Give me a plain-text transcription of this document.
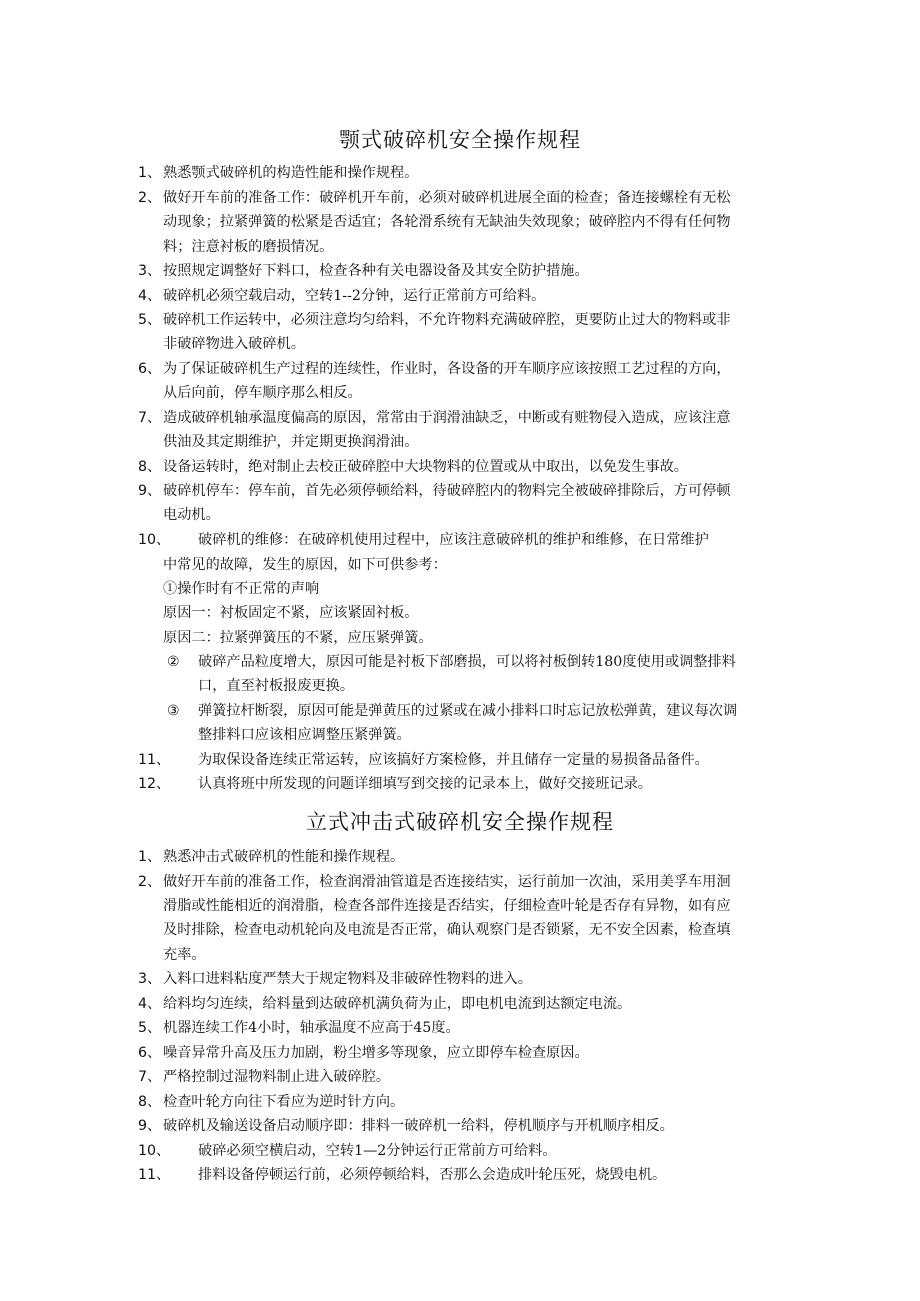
颚式破碎机安全操作规程
1、 熟悉颚式破碎机的构造性能和操作规程。
2、 做好开车前的准备工作：破碎机开车前，必须对破碎机进展全面的检查；备连接螺栓有无松
动现象；拉紧弹簧的松紧是否适宜；各轮滑系统有无缺油失效现象；破碎腔内不得有任何物
料；注意衬板的磨损情况。
3、 按照规定调整好下料口，检查各种有关电器设备及其安全防护措施。
4、 破碎机必须空载启动，空转1--2分钟，运行正常前方可给料。
5、 破碎机工作运转中，必须注意均匀给料，不允许物料充满破碎腔，更要防止过大的物料或非
非破碎物进入破碎机。
6、 为了保证破碎机生产过程的连续性，作业时，各设备的开车顺序应该按照工艺过程的方向，
从后向前，停车顺序那么相反。
7、 造成破碎机轴承温度偏高的原因，常常由于润滑油缺乏，中断或有赃物侵入造成，应该注意
供油及其定期维护，并定期更换润滑油。
8、 设备运转时，绝对制止去校正破碎腔中大块物料的位置或从中取出，以免发生事故。
9、 破碎机停车：停车前，首先必须停顿给料，待破碎腔内的物料完全被破碎排除后，方可停顿
电动机。
10、 破碎机的维修：在破碎机使用过程中，应该注意破碎机的维护和维修，在日常维护
中常见的故障，发生的原因，如下可供参考：
①操作时有不正常的声响
原因一：衬板固定不紧，应该紧固衬板。
原因二：拉紧弹簧压的不紧，应压紧弹簧。
② 破碎产品粒度增大，原因可能是衬板下部磨损，可以将衬板倒转180度使用或调整排料
口，直至衬板报废更换。
③ 弹簧拉杆断裂，原因可能是弹黄压的过紧或在减小排料口时忘记放松弹黄，建议每次调
整排料口应该相应调整压紧弹簧。
11、 为取保设备连续正常运转，应该搞好方案检修，并且储存一定量的易损备品备件。
12、 认真将班中所发现的问题详细填写到交接的记录本上，做好交接班记录。
立式冲击式破碎机安全操作规程
1、 熟悉冲击式破碎机的性能和操作规程。
2、 做好开车前的准备工作，检查润滑油管道是否连接结实，运行前加一次油，采用美孚车用洄
滑脂或性能相近的润滑脂，检查各部件连接是否结实，仔细检查叶轮是否存有异物，如有应
及时排除，检查电动机轮向及电流是否正常，确认观察门是否锁紧，无不安全因素，检查填
充率。
3、 入料口进料粘度严禁大于规定物料及非破碎性物料的进入。
4、 给料均匀连续，给料量到达破碎机满负荷为止，即电机电流到达额定电流。
5、 机器连续工作4小时，轴承温度不应高于45度。
6、 噪音异常升高及压力加剧，粉尘增多等现象，应立即停车检查原因。
7、 严格控制过湿物料制止进入破碎腔。
8、 检查叶轮方向往下看应为逆时针方向。
9、 破碎机及输送设备启动顺序即：排料一破碎机一给料，停机顺序与开机顺序相反。
10、 破碎必须空横启动，空转1—2分钟运行正常前方可给料。
11、 排料设备停顿运行前，必须停顿给料，否那么会造成叶轮压死，烧毁电机。
